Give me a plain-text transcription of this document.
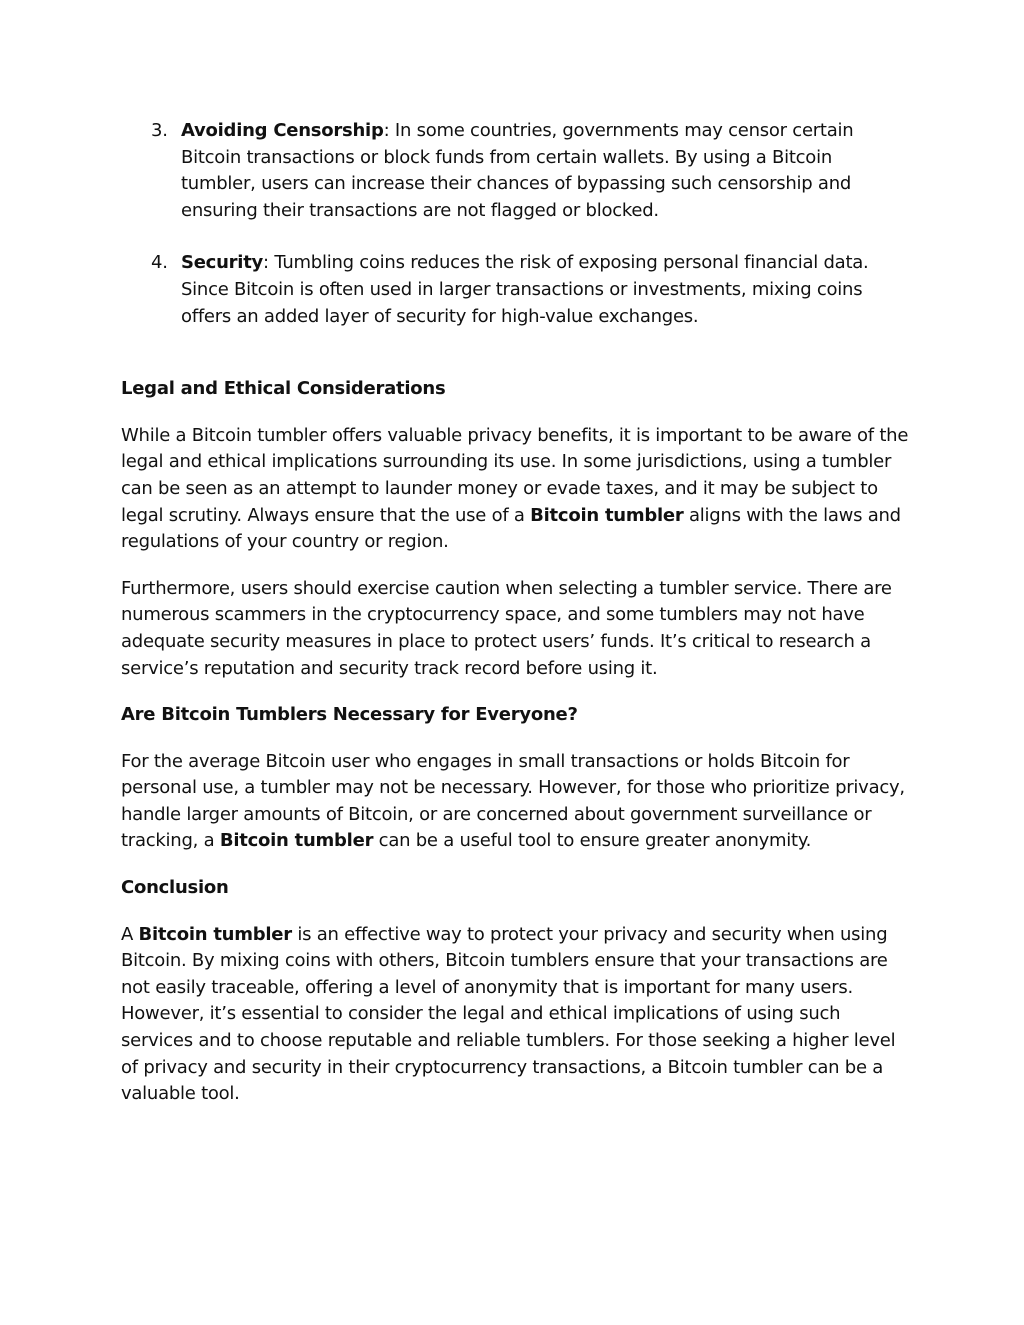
3. Avoiding Censorship: In some countries, governments may censor certain Bitcoin transactions or block funds from certain wallets. By using a Bitcoin tumbler, users can increase their chances of bypassing such censorship and ensuring their transactions are not flagged or blocked.
4. Security: Tumbling coins reduces the risk of exposing personal financial data. Since Bitcoin is often used in larger transactions or investments, mixing coins offers an added layer of security for high-value exchanges.

Legal and Ethical Considerations

While a Bitcoin tumbler offers valuable privacy benefits, it is important to be aware of the legal and ethical implications surrounding its use. In some jurisdictions, using a tumbler can be seen as an attempt to launder money or evade taxes, and it may be subject to legal scrutiny. Always ensure that the use of a Bitcoin tumbler aligns with the laws and regulations of your country or region.

Furthermore, users should exercise caution when selecting a tumbler service. There are numerous scammers in the cryptocurrency space, and some tumblers may not have adequate security measures in place to protect users’ funds. It’s critical to research a service’s reputation and security track record before using it.

Are Bitcoin Tumblers Necessary for Everyone?

For the average Bitcoin user who engages in small transactions or holds Bitcoin for personal use, a tumbler may not be necessary. However, for those who prioritize privacy, handle larger amounts of Bitcoin, or are concerned about government surveillance or tracking, a Bitcoin tumbler can be a useful tool to ensure greater anonymity.

Conclusion

A Bitcoin tumbler is an effective way to protect your privacy and security when using Bitcoin. By mixing coins with others, Bitcoin tumblers ensure that your transactions are not easily traceable, offering a level of anonymity that is important for many users. However, it’s essential to consider the legal and ethical implications of using such services and to choose reputable and reliable tumblers. For those seeking a higher level of privacy and security in their cryptocurrency transactions, a Bitcoin tumbler can be a valuable tool.
